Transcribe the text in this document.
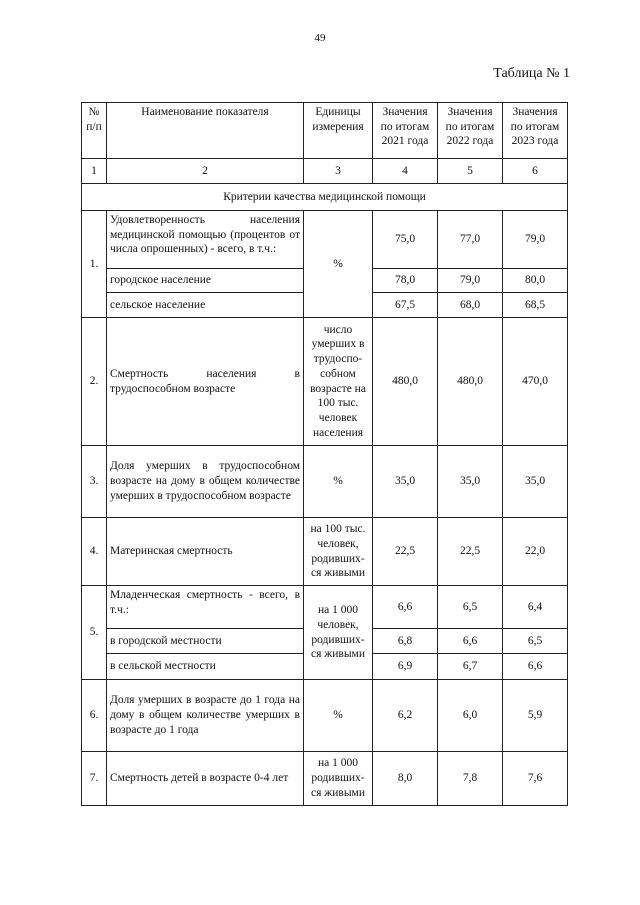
49
Таблица № 1
№ п/п	Наименование показателя	Единицы измерения	Значения по итогам 2021 года	Значения по итогам 2022 года	Значения по итогам 2023 года
1	2	3	4	5	6
Критерии качества медицинской помощи					
1.	Удовлетворенность населения медицинской помощью (процентов от числа опрошенных) - всего, в т.ч.:	%	75,0	77,0	79,0
	городское население		78,0	79,0	80,0
	сельское население		67,5	68,0	68,5
2.	Смертность населения в трудоспособном возрасте	число умерших в трудоспо-собном возрасте на 100 тыс. человек населения	480,0	480,0	470,0
3.	Доля умерших в трудоспособном возрасте на дому в общем количестве умерших в трудоспособном возрасте	%	35,0	35,0	35,0
4.	Материнская смертность	на 100 тыс. человек, родивших-ся живыми	22,5	22,5	22,0
5.	Младенческая смертность - всего, в т.ч.:	на 1 000 человек, родивших-ся живыми	6,6	6,5	6,4
	в городской местности		6,8	6,6	6,5
	в сельской местности		6,9	6,7	6,6
6.	Доля умерших в возрасте до 1 года на дому в общем количестве умерших в возрасте до 1 года	%	6,2	6,0	5,9
7.	Смертность детей в возрасте 0-4 лет	на 1 000 родивших-ся живыми	8,0	7,8	7,6
